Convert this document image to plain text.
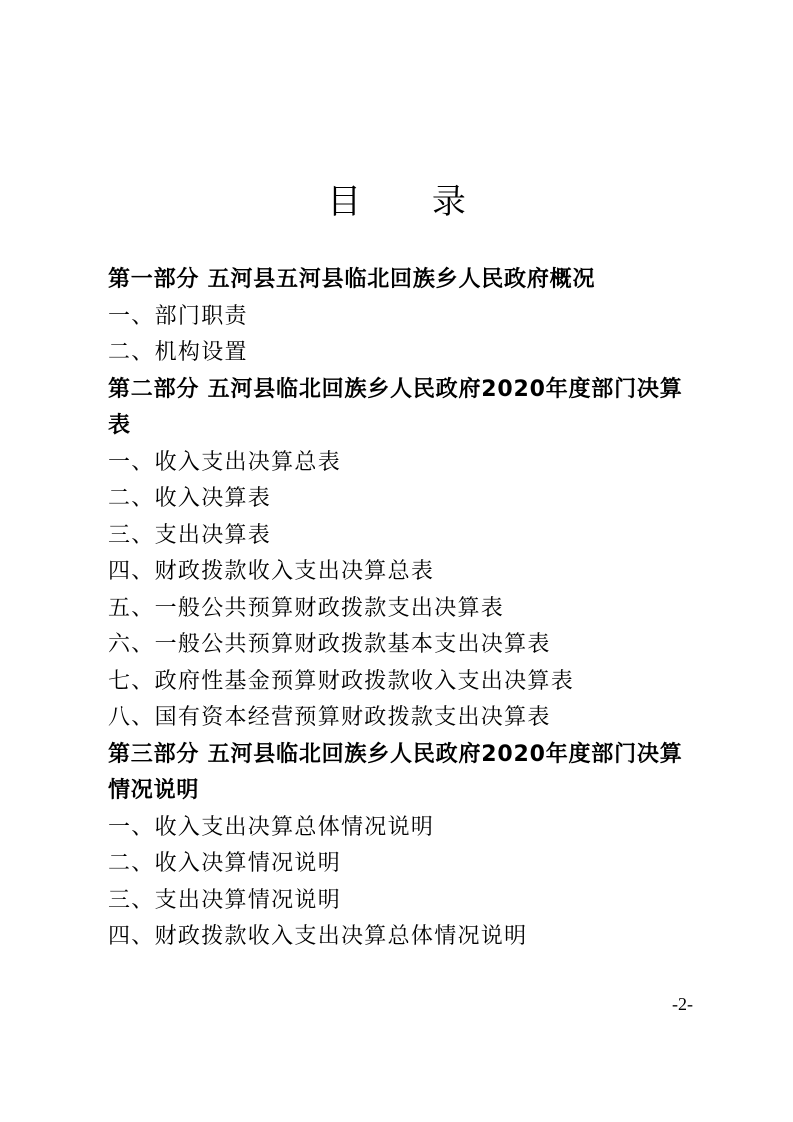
目 录
第一部分 五河县五河县临北回族乡人民政府概况
一、部门职责
二、机构设置
第二部分 五河县临北回族乡人民政府2020年度部门决算表
一、收入支出决算总表
二、收入决算表
三、支出决算表
四、财政拨款收入支出决算总表
五、一般公共预算财政拨款支出决算表
六、一般公共预算财政拨款基本支出决算表
七、政府性基金预算财政拨款收入支出决算表
八、国有资本经营预算财政拨款支出决算表
第三部分 五河县临北回族乡人民政府2020年度部门决算情况说明
一、收入支出决算总体情况说明
二、收入决算情况说明
三、支出决算情况说明
四、财政拨款收入支出决算总体情况说明
-2-
